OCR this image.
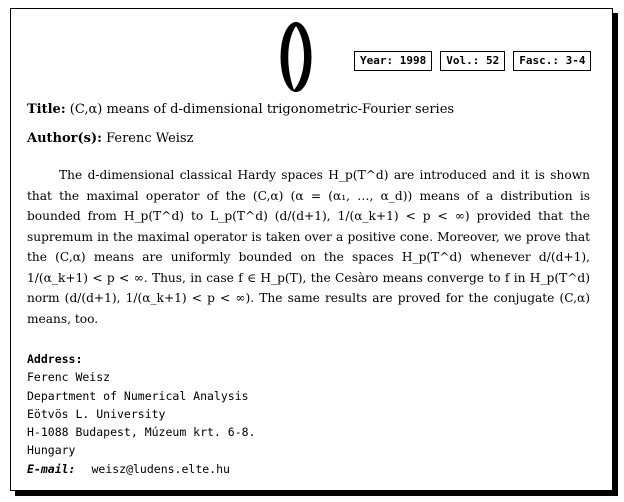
Year: 1998	Vol.: 52	Fasc.: 3-4
Title: (C,α) means of d-dimensional trigonometric-Fourier series
Author(s): Ferenc Weisz

The d-dimensional classical Hardy spaces H_p(T^d) are introduced and it is shown that the maximal operator of the (C,α) (α = (α₁, …, α_d)) means of a distribution is bounded from H_p(T^d) to L_p(T^d) (d/(d+1), 1/(α_k+1) < p < ∞) provided that the supremum in the maximal operator is taken over a positive cone. Moreover, we prove that the (C,α) means are uniformly bounded on the spaces H_p(T^d) whenever d/(d+1), 1/(α_k+1) < p < ∞. Thus, in case f ∈ H_p(T), the Cesàro means converge to f in H_p(T^d) norm (d/(d+1), 1/(α_k+1) < p < ∞). The same results are proved for the conjugate (C,α) means, too.

Address:
Ferenc Weisz
Department of Numerical Analysis
Eötvös L. University
H-1088 Budapest, Múzeum krt. 6-8.
Hungary
E-mail: weisz@ludens.elte.hu
